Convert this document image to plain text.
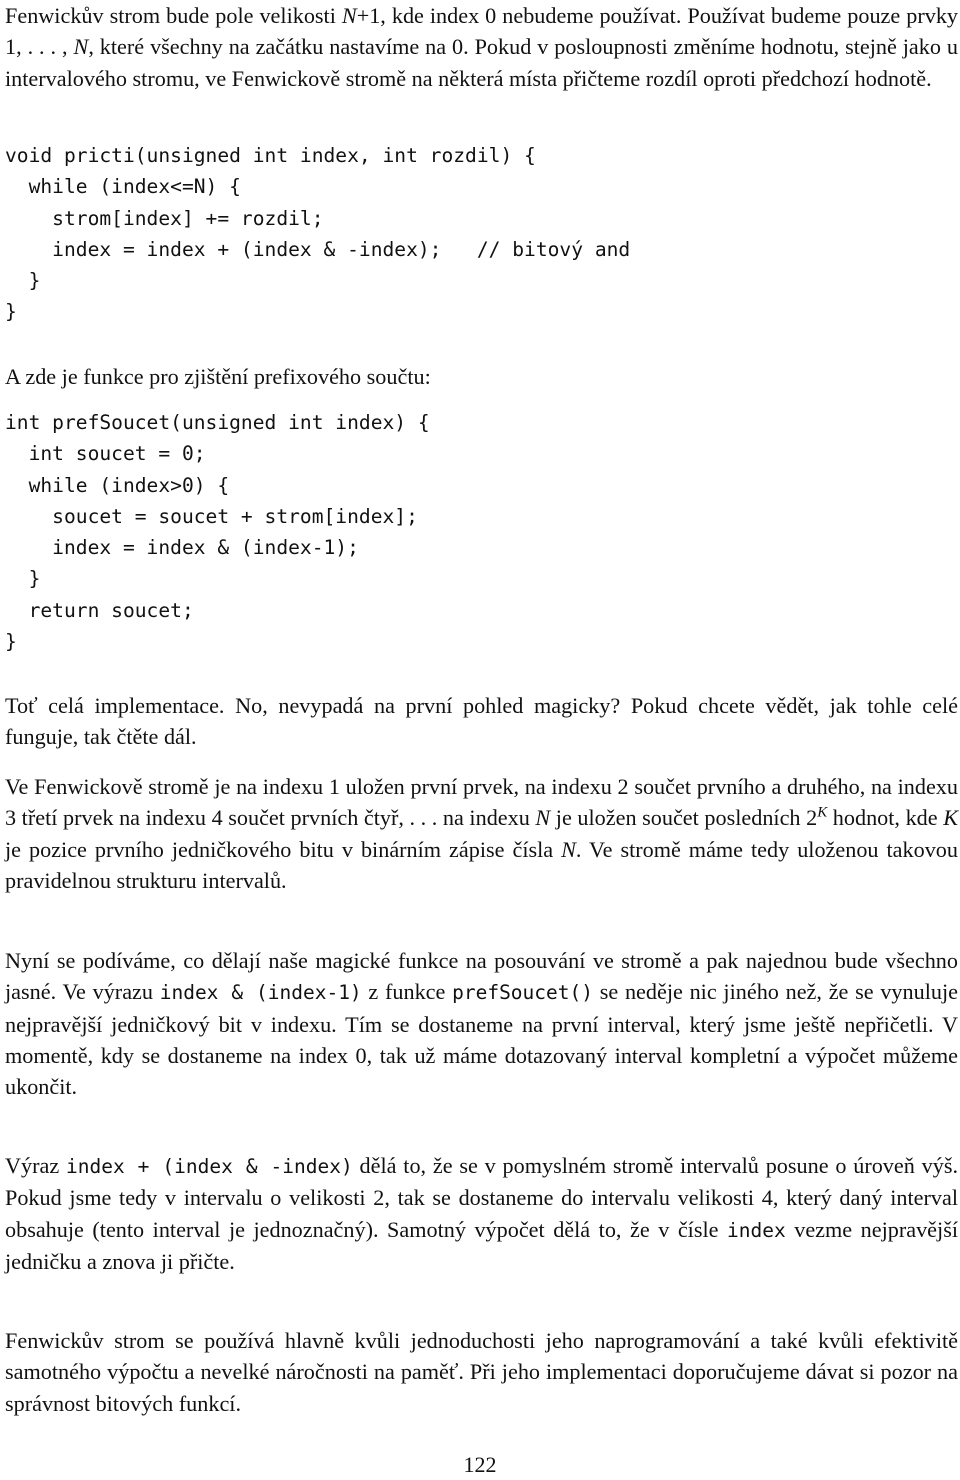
Fenwickův strom bude pole velikosti N+1, kde index 0 nebudeme používat. Používat budeme pouze prvky 1, . . . , N, které všechny na začátku nastavíme na 0. Pokud v posloupnosti změníme hodnotu, stejně jako u intervalového stromu, ve Fenwickově stromě na některá místa přičteme rozdíl oproti předchozí hodnotě.

void pricti(unsigned int index, int rozdil) {
while (index<=N) {
strom[index] += rozdil;
index = index + (index & -index);   // bitový and
}
}

A zde je funkce pro zjištění prefixového součtu:

int prefSoucet(unsigned int index) {
int soucet = 0;
while (index>0) {
soucet = soucet + strom[index];
index = index & (index-1);
}
return soucet;
}

Toť celá implementace. No, nevypadá na první pohled magicky? Pokud chcete vědět, jak tohle celé funguje, tak čtěte dál.

Ve Fenwickově stromě je na indexu 1 uložen první prvek, na indexu 2 součet prvního a druhého, na indexu 3 třetí prvek na indexu 4 součet prvních čtyř, . . . na indexu N je uložen součet posledních $2^K$ hodnot, kde K je pozice prvního jedničkového bitu v binárním zápise čísla N. Ve stromě máme tedy uloženou takovou pravidelnou strukturu intervalů.

Nyní se podíváme, co dělají naše magické funkce na posouvání ve stromě a pak najednou bude všechno jasné. Ve výrazu index & (index-1) z funkce prefSoucet() se neděje nic jiného než, že se vynuluje nejpravější jedničkový bit v indexu. Tím se dostaneme na první interval, který jsme ještě nepřičetli. V momentě, kdy se dostaneme na index 0, tak už máme dotazovaný interval kompletní a výpočet můžeme ukončit.

Výraz index + (index & -index) dělá to, že se v pomyslném stromě intervalů posune o úroveň výš. Pokud jsme tedy v intervalu o velikosti 2, tak se dostaneme do intervalu velikosti 4, který daný interval obsahuje (tento interval je jednoznačný). Samotný výpočet dělá to, že v čísle index vezme nejpravější jedničku a znova ji přičte.

Fenwickův strom se používá hlavně kvůli jednoduchosti jeho naprogramování a také kvůli efektivitě samotného výpočtu a nevelké náročnosti na paměť. Při jeho implementaci doporučujeme dávat si pozor na správnost bitových funkcí.

122
